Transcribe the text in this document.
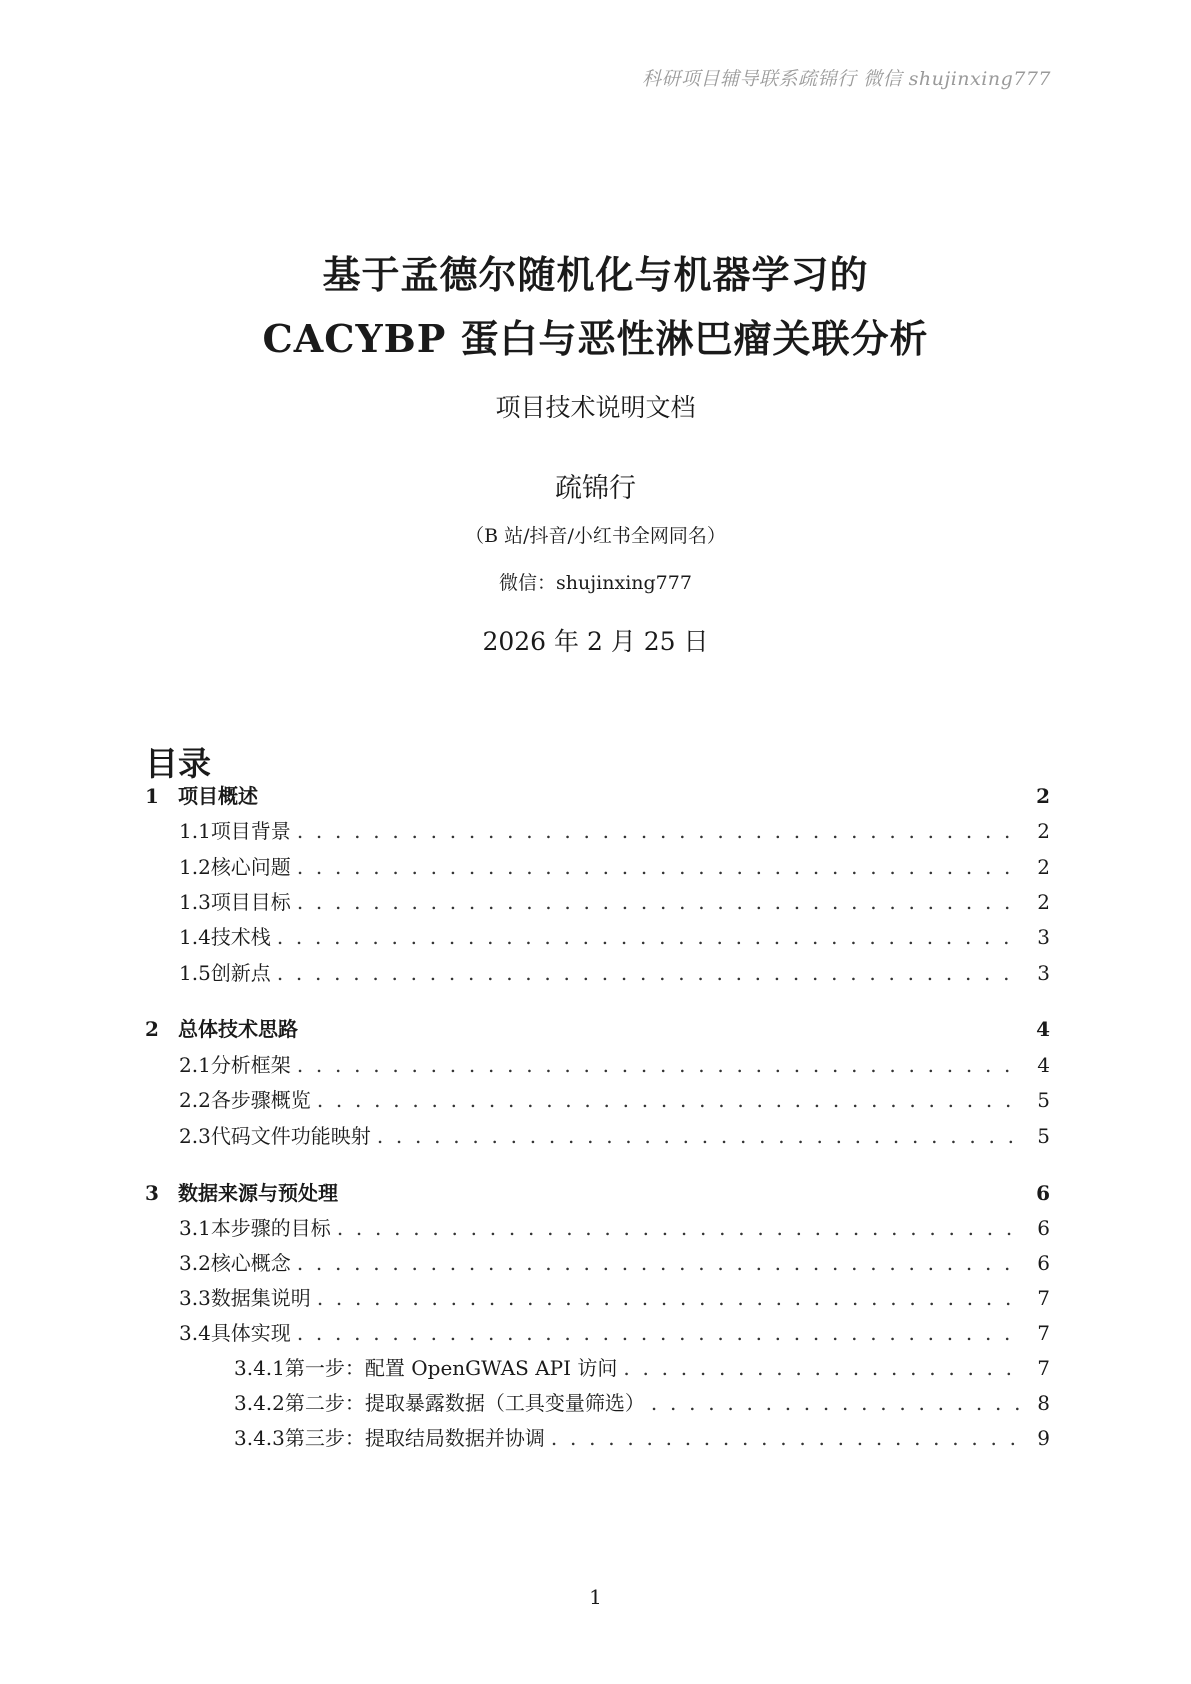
科研项目辅导联系疏锦行 微信 shujinxing777
基于孟德尔随机化与机器学习的
CACYBP 蛋白与恶性淋巴瘤关联分析
项目技术说明文档
疏锦行
（B 站/抖音/小红书全网同名）
微信：shujinxing777
2026 年 2 月 25 日
目录
1 项目概述	2
1.1 项目背景 . . .	2
1.2 核心问题 . . .	2
1.3 项目目标 . . .	2
1.4 技术栈 . . .	3
1.5 创新点 . . .	3
2 总体技术思路	4
2.1 分析框架 . . .	4
2.2 各步骤概览 . . .	5
2.3 代码文件功能映射 . . .	5
3 数据来源与预处理	6
3.1 本步骤的目标 . . .	6
3.2 核心概念 . . .	6
3.3 数据集说明 . . .	7
3.4 具体实现 . . .	7
3.4.1 第一步：配置 OpenGWAS API 访问 . . .	7
3.4.2 第二步：提取暴露数据（工具变量筛选） . . .	8
3.4.3 第三步：提取结局数据并协调 . . .	9
1
